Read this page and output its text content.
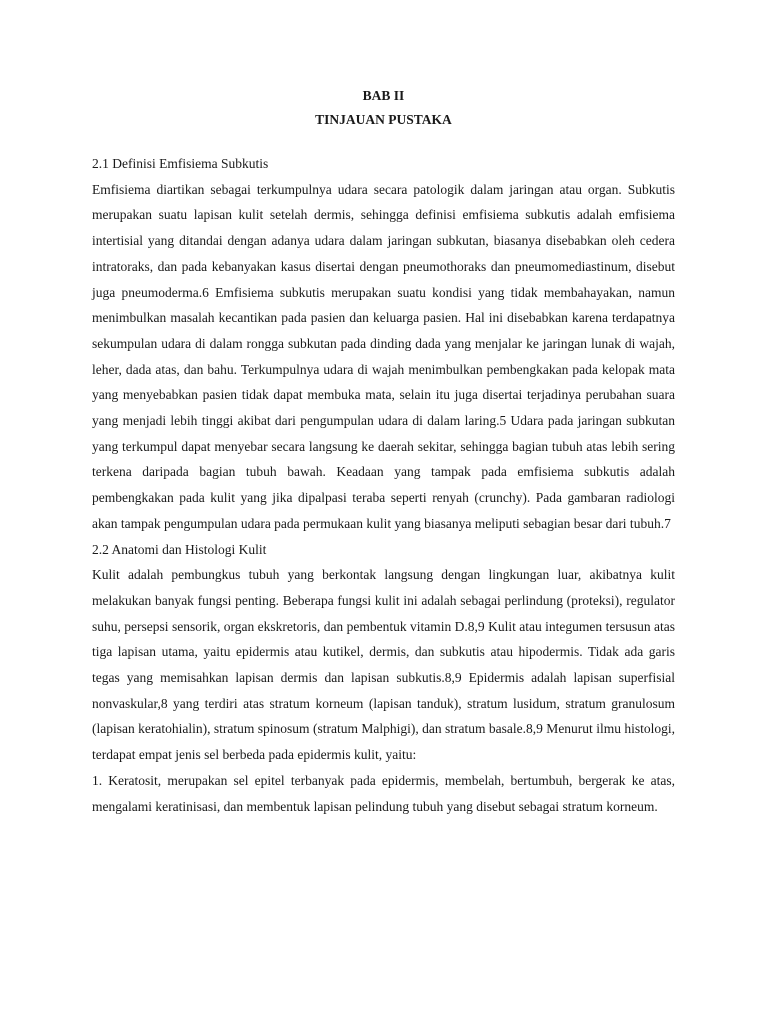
BAB II
TINJAUAN PUSTAKA
2.1 Definisi Emfisiema Subkutis

Emfisiema diartikan sebagai terkumpulnya udara secara patologik dalam jaringan atau organ. Subkutis merupakan suatu lapisan kulit setelah dermis, sehingga definisi emfisiema subkutis adalah emfisiema intertisial yang ditandai dengan adanya udara dalam jaringan subkutan, biasanya disebabkan oleh cedera intratoraks, dan pada kebanyakan kasus disertai dengan pneumothoraks dan pneumomediastinum, disebut juga pneumoderma.6 Emfisiema subkutis merupakan suatu kondisi yang tidak membahayakan, namun menimbulkan masalah kecantikan pada pasien dan keluarga pasien. Hal ini disebabkan karena terdapatnya sekumpulan udara di dalam rongga subkutan pada dinding dada yang menjalar ke jaringan lunak di wajah, leher, dada atas, dan bahu. Terkumpulnya udara di wajah menimbulkan pembengkakan pada kelopak mata yang menyebabkan pasien tidak dapat membuka mata, selain itu juga disertai terjadinya perubahan suara yang menjadi lebih tinggi akibat dari pengumpulan udara di dalam laring.5 Udara pada jaringan subkutan yang terkumpul dapat menyebar secara langsung ke daerah sekitar, sehingga bagian tubuh atas lebih sering terkena daripada bagian tubuh bawah. Keadaan yang tampak pada emfisiema subkutis adalah pembengkakan pada kulit yang jika dipalpasi teraba seperti renyah (crunchy). Pada gambaran radiologi akan tampak pengumpulan udara pada permukaan kulit yang biasanya meliputi sebagian besar dari tubuh.7

2.2 Anatomi dan Histologi Kulit

Kulit adalah pembungkus tubuh yang berkontak langsung dengan lingkungan luar, akibatnya kulit melakukan banyak fungsi penting. Beberapa fungsi kulit ini adalah sebagai perlindung (proteksi), regulator suhu, persepsi sensorik, organ ekskretoris, dan pembentuk vitamin D.8,9 Kulit atau integumen tersusun atas tiga lapisan utama, yaitu epidermis atau kutikel, dermis, dan subkutis atau hipodermis. Tidak ada garis tegas yang memisahkan lapisan dermis dan lapisan subkutis.8,9 Epidermis adalah lapisan superfisial nonvaskular,8 yang terdiri atas stratum korneum (lapisan tanduk), stratum lusidum, stratum granulosum (lapisan keratohialin), stratum spinosum (stratum Malphigi), dan stratum basale.8,9 Menurut ilmu histologi, terdapat empat jenis sel berbeda pada epidermis kulit, yaitu:

1. Keratosit, merupakan sel epitel terbanyak pada epidermis, membelah, bertumbuh, bergerak ke atas, mengalami keratinisasi, dan membentuk lapisan pelindung tubuh yang disebut sebagai stratum korneum.
